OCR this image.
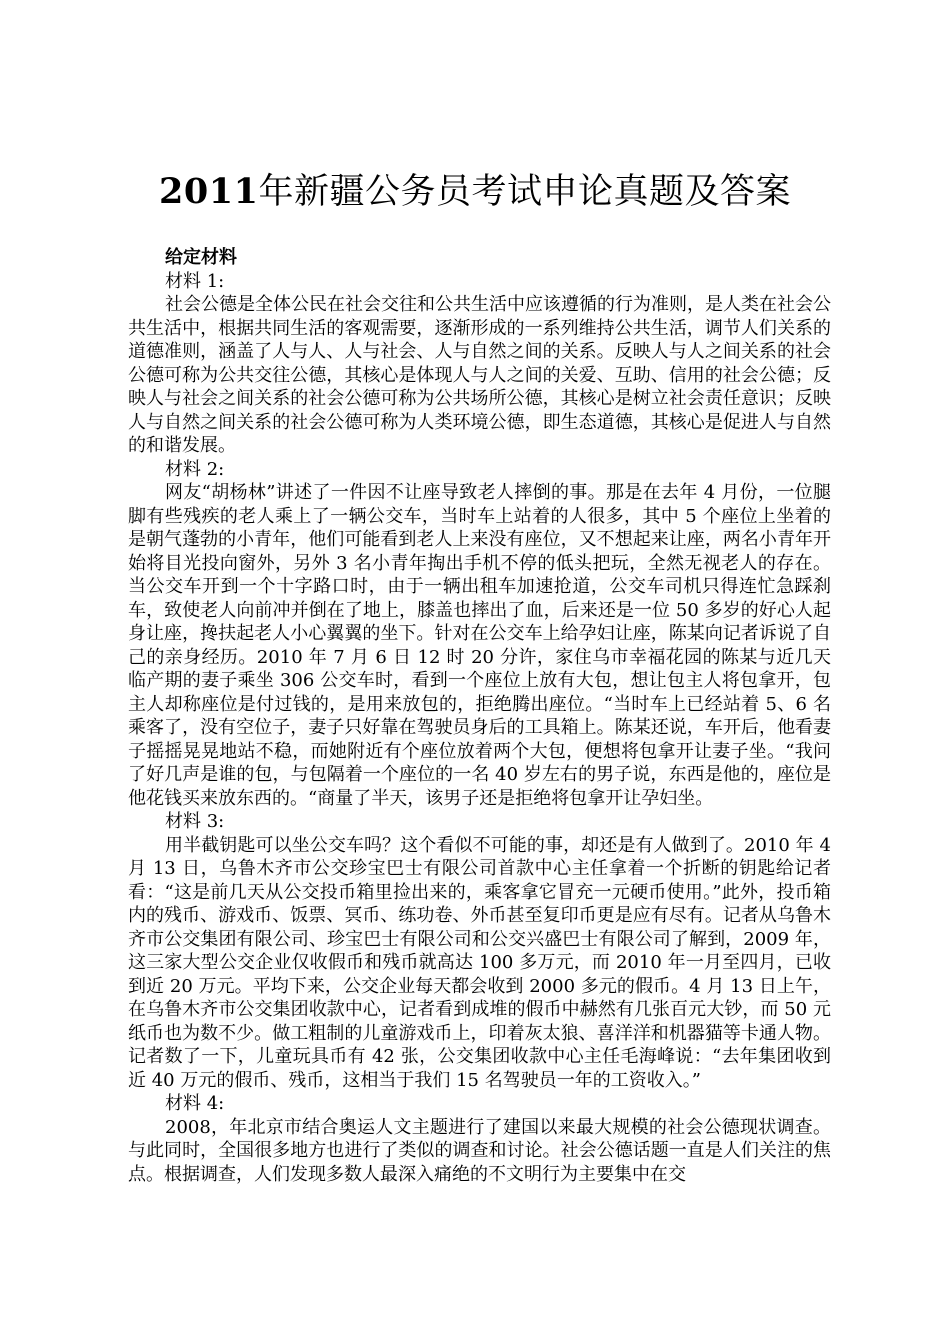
2011年新疆公务员考试申论真题及答案
给定材料
材料 1:
社会公德是全体公民在社会交往和公共生活中应该遵循的行为准则，是人类在社会公共生活中，根据共同生活的客观需要，逐渐形成的一系列维持公共生活，调节人们关系的道德准则，涵盖了人与人、人与社会、人与自然之间的关系。反映人与人之间关系的社会公德可称为公共交往公德，其核心是体现人与人之间的关爱、互助、信用的社会公德；反映人与社会之间关系的社会公德可称为公共场所公德，其核心是树立社会责任意识；反映人与自然之间关系的社会公德可称为人类环境公德，即生态道德，其核心是促进人与自然的和谐发展。
材料 2:
网友“胡杨林”讲述了一件因不让座导致老人摔倒的事。那是在去年 4 月份，一位腿脚有些残疾的老人乘上了一辆公交车，当时车上站着的人很多，其中 5 个座位上坐着的是朝气蓬勃的小青年，他们可能看到老人上来没有座位，又不想起来让座，两名小青年开始将目光投向窗外，另外 3 名小青年掏出手机不停的低头把玩，全然无视老人的存在。当公交车开到一个十字路口时，由于一辆出租车加速抢道，公交车司机只得连忙急踩刹车，致使老人向前冲并倒在了地上，膝盖也摔出了血，后来还是一位 50 多岁的好心人起身让座，搀扶起老人小心翼翼的坐下。针对在公交车上给孕妇让座，陈某向记者诉说了自己的亲身经历。2010 年 7 月 6 日 12 时 20 分许，家住乌市幸福花园的陈某与近几天临产期的妻子乘坐 306 公交车时，看到一个座位上放有大包，想让包主人将包拿开，包主人却称座位是付过钱的，是用来放包的，拒绝腾出座位。“当时车上已经站着 5、6 名乘客了，没有空位子，妻子只好靠在驾驶员身后的工具箱上。陈某还说，车开后，他看妻子摇摇晃晃地站不稳，而她附近有个座位放着两个大包，便想将包拿开让妻子坐。“我问了好几声是谁的包，与包隔着一个座位的一名 40 岁左右的男子说，东西是他的，座位是他花钱买来放东西的。“商量了半天，该男子还是拒绝将包拿开让孕妇坐。
材料 3:
用半截钥匙可以坐公交车吗？这个看似不可能的事，却还是有人做到了。2010 年 4 月 13 日，乌鲁木齐市公交珍宝巴士有限公司首款中心主任拿着一个折断的钥匙给记者看：“这是前几天从公交投币箱里捡出来的，乘客拿它冒充一元硬币使用。”此外，投币箱内的残币、游戏币、饭票、冥币、练功卷、外币甚至复印币更是应有尽有。记者从乌鲁木齐市公交集团有限公司、珍宝巴士有限公司和公交兴盛巴士有限公司了解到，2009 年，这三家大型公交企业仅收假币和残币就高达 100 多万元，而 2010 年一月至四月，已收到近 20 万元。平均下来，公交企业每天都会收到 2000 多元的假币。4 月 13 日上午，在乌鲁木齐市公交集团收款中心，记者看到成堆的假币中赫然有几张百元大钞，而 50 元纸币也为数不少。做工粗制的儿童游戏币上，印着灰太狼、喜洋洋和机器猫等卡通人物。记者数了一下，儿童玩具币有 42 张，公交集团收款中心主任毛海峰说：“去年集团收到近 40 万元的假币、残币，这相当于我们 15 名驾驶员一年的工资收入。”
材料 4:
2008，年北京市结合奥运人文主题进行了建国以来最大规模的社会公德现状调查。与此同时，全国很多地方也进行了类似的调查和讨论。社会公德话题一直是人们关注的焦点。根据调查，人们发现多数人最深入痛绝的不文明行为主要集中在交
